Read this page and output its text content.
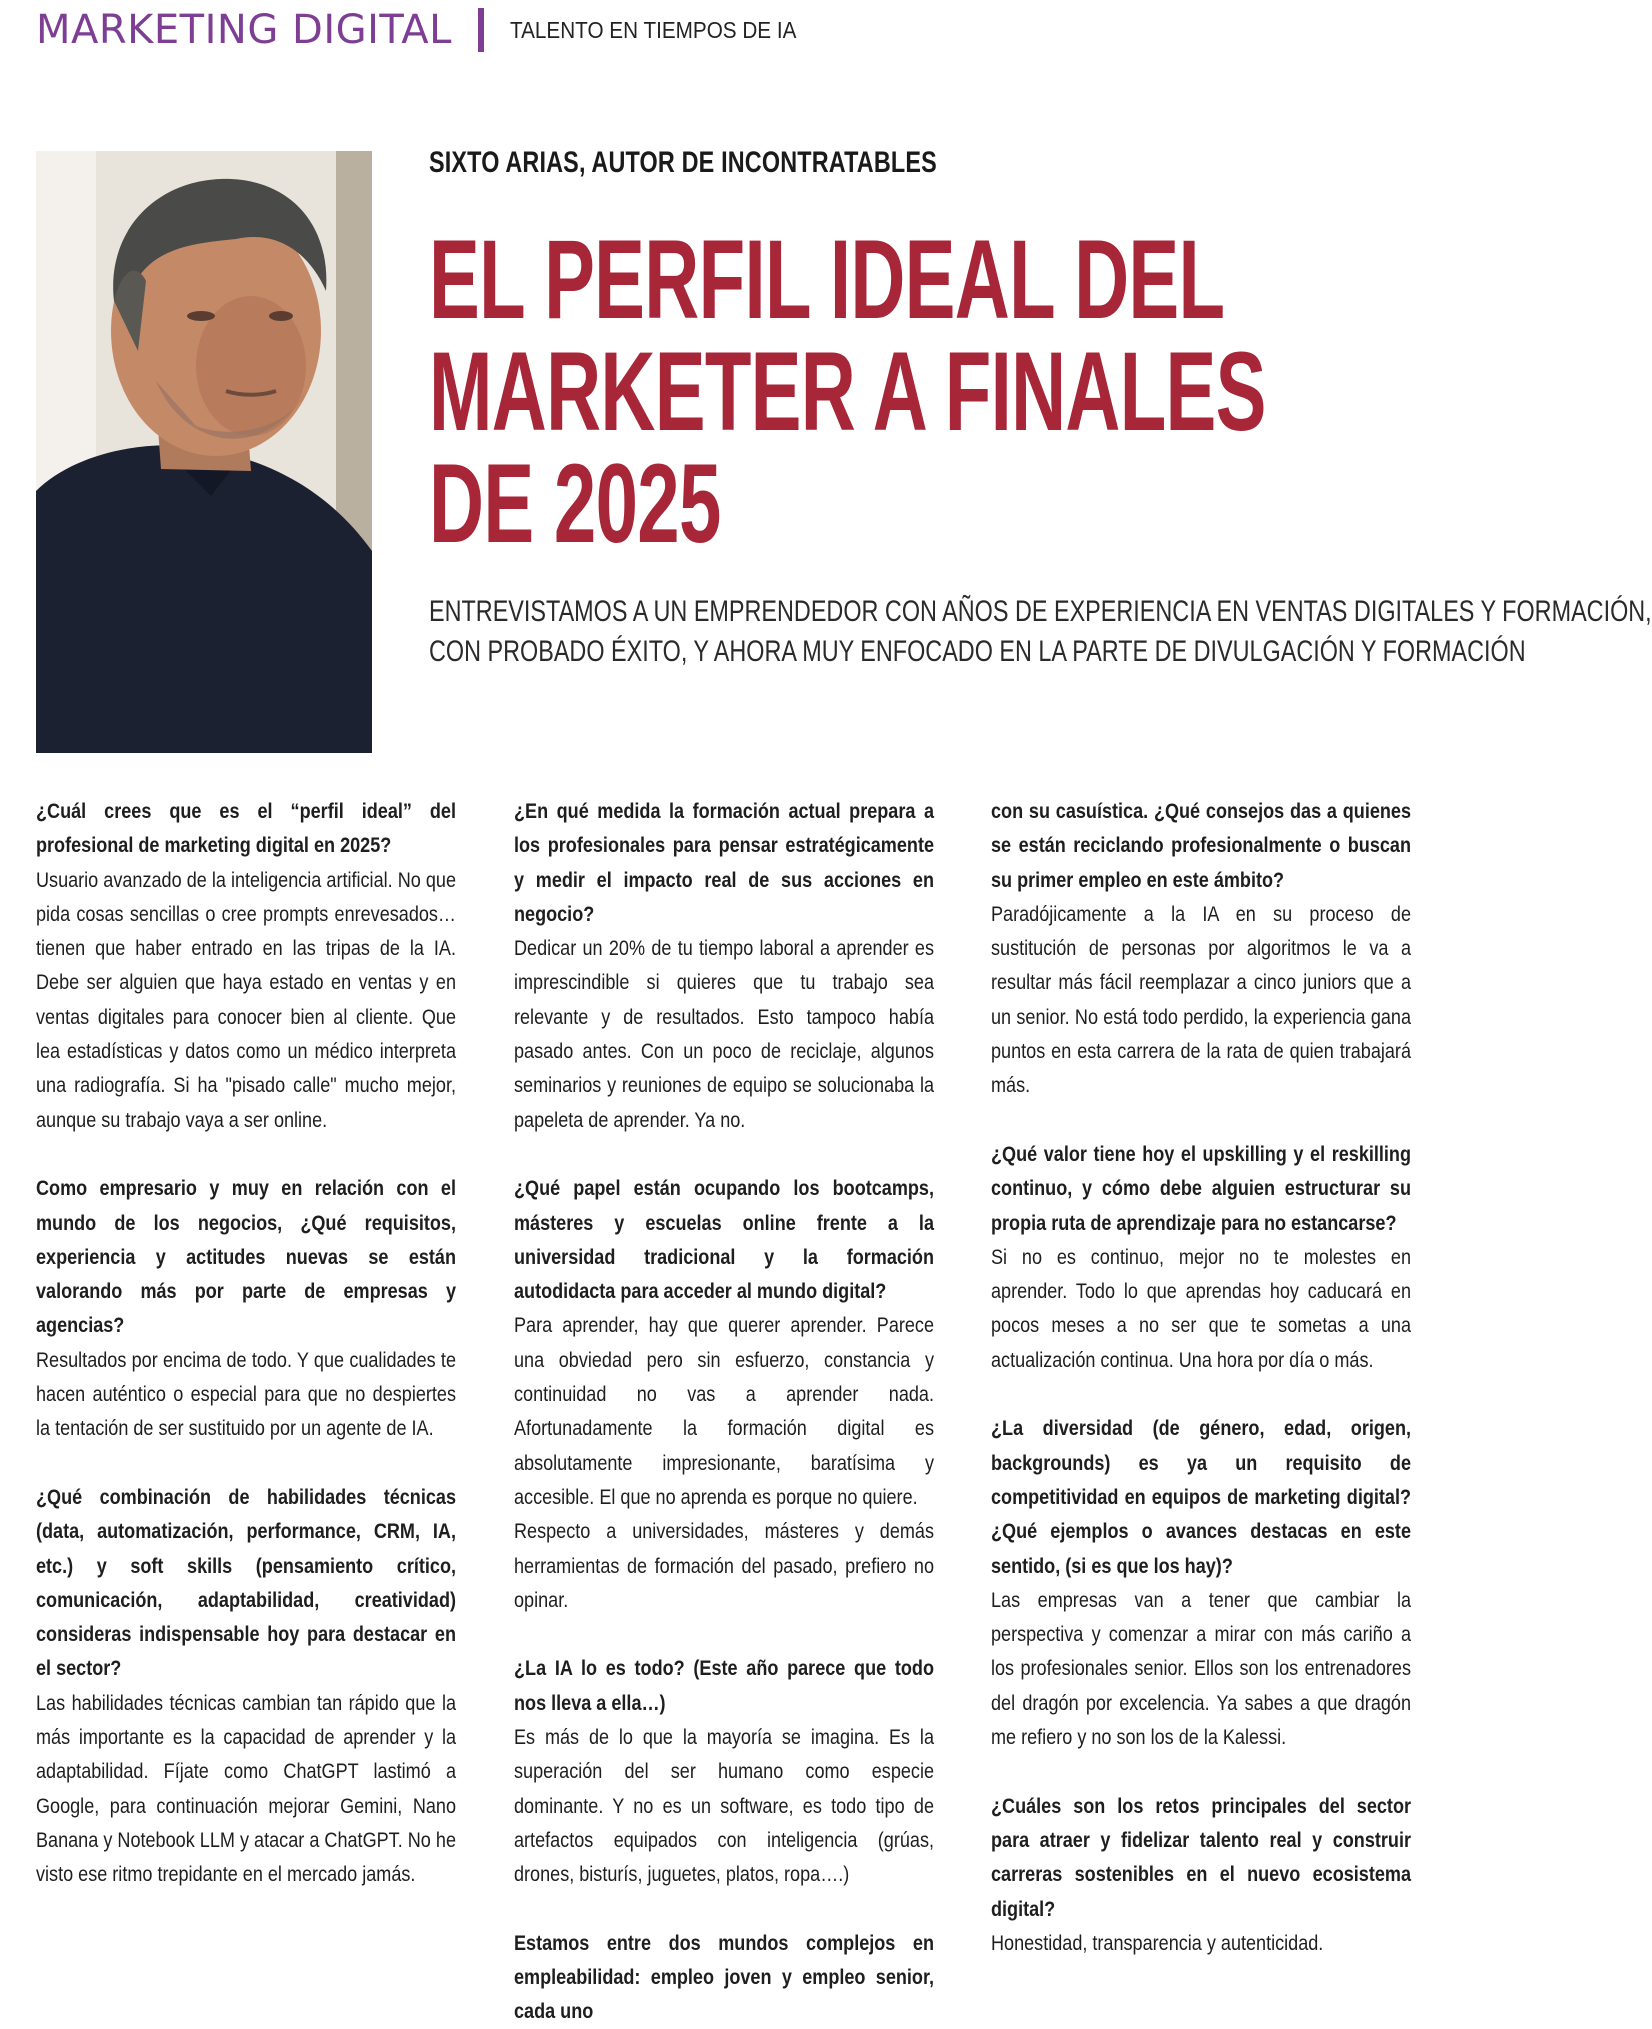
MARKETING DIGITAL	TALENTO EN TIEMPOS DE IA
SIXTO ARIAS, AUTOR DE INCONTRATABLES
EL PERFIL IDEAL DEL
MARKETER A FINALES
DE 2025
ENTREVISTAMOS A UN EMPRENDEDOR CON AÑOS DE EXPERIENCIA EN VENTAS DIGITALES Y FORMACIÓN,
CON PROBADO ÉXITO, Y AHORA MUY ENFOCADO EN LA PARTE DE DIVULGACIÓN Y FORMACIÓN

¿Cuál crees que es el “perfil ideal” del profesional de marketing digital en 2025?

Usuario avanzado de la inteligencia artificial. No que pida cosas sencillas o cree prompts enrevesados… tienen que haber entrado en las tripas de la IA. Debe ser alguien que haya estado en ventas y en ventas digitales para conocer bien al cliente. Que lea estadísticas y datos como un médico interpreta una radiografía. Si ha "pisado calle" mucho mejor, aunque su trabajo vaya a ser online.

Como empresario y muy en relación con el mundo de los negocios, ¿Qué requisitos, experiencia y actitudes nuevas se están valorando más por parte de empresas y agencias?

Resultados por encima de todo. Y que cualidades te hacen auténtico o especial para que no despiertes la tentación de ser sustituido por un agente de IA.

¿Qué combinación de habilidades técnicas (data, automatización, performance, CRM, IA, etc.) y soft skills (pensamiento crítico, comunicación, adaptabilidad, creatividad) consideras indispensable hoy para destacar en el sector?

Las habilidades técnicas cambian tan rápido que la más importante es la capacidad de aprender y la adaptabilidad. Fíjate como ChatGPT lastimó a Google, para continuación mejorar Gemini, Nano Banana y Notebook LLM y atacar a ChatGPT. No he visto ese ritmo trepidante en el mercado jamás.

¿En qué medida la formación actual prepara a los profesionales para pensar estratégicamente y medir el impacto real de sus acciones en negocio?

Dedicar un 20% de tu tiempo laboral a aprender es imprescindible si quieres que tu trabajo sea relevante y de resultados. Esto tampoco había pasado antes. Con un poco de reciclaje, algunos seminarios y reuniones de equipo se solucionaba la papeleta de aprender. Ya no.

¿Qué papel están ocupando los bootcamps, másteres y escuelas online frente a la universidad tradicional y la formación autodidacta para acceder al mundo digital?

Para aprender, hay que querer aprender. Parece una obviedad pero sin esfuerzo, constancia y continuidad no vas a aprender nada. Afortunadamente la formación digital es absolutamente impresionante, baratísima y accesible. El que no aprenda es porque no quiere.

Respecto a universidades, másteres y demás herramientas de formación del pasado, prefiero no opinar.

¿La IA lo es todo? (Este año parece que todo nos lleva a ella…)

Es más de lo que la mayoría se imagina. Es la superación del ser humano como especie dominante. Y no es un software, es todo tipo de artefactos equipados con inteligencia (grúas, drones, bisturís, juguetes, platos, ropa….)

Estamos entre dos mundos complejos en empleabilidad: empleo joven y empleo senior, cada uno

con su casuística. ¿Qué consejos das a quienes se están reciclando profesionalmente o buscan su primer empleo en este ámbito?

Paradójicamente a la IA en su proceso de sustitución de personas por algoritmos le va a resultar más fácil reemplazar a cinco juniors que a un senior. No está todo perdido, la experiencia gana puntos en esta carrera de la rata de quien trabajará más.

¿Qué valor tiene hoy el upskilling y el reskilling continuo, y cómo debe alguien estructurar su propia ruta de aprendizaje para no estancarse?

Si no es continuo, mejor no te molestes en aprender. Todo lo que aprendas hoy caducará en pocos meses a no ser que te sometas a una actualización continua. Una hora por día o más.

¿La diversidad (de género, edad, origen, backgrounds) es ya un requisito de competitividad en equipos de marketing digital? ¿Qué ejemplos o avances destacas en este sentido, (si es que los hay)?

Las empresas van a tener que cambiar la perspectiva y comenzar a mirar con más cariño a los profesionales senior. Ellos son los entrenadores del dragón por excelencia. Ya sabes a que dragón me refiero y no son los de la Kalessi.

¿Cuáles son los retos principales del sector para atraer y fidelizar talento real y construir carreras sostenibles en el nuevo ecosistema digital?

Honestidad, transparencia y autenticidad.
